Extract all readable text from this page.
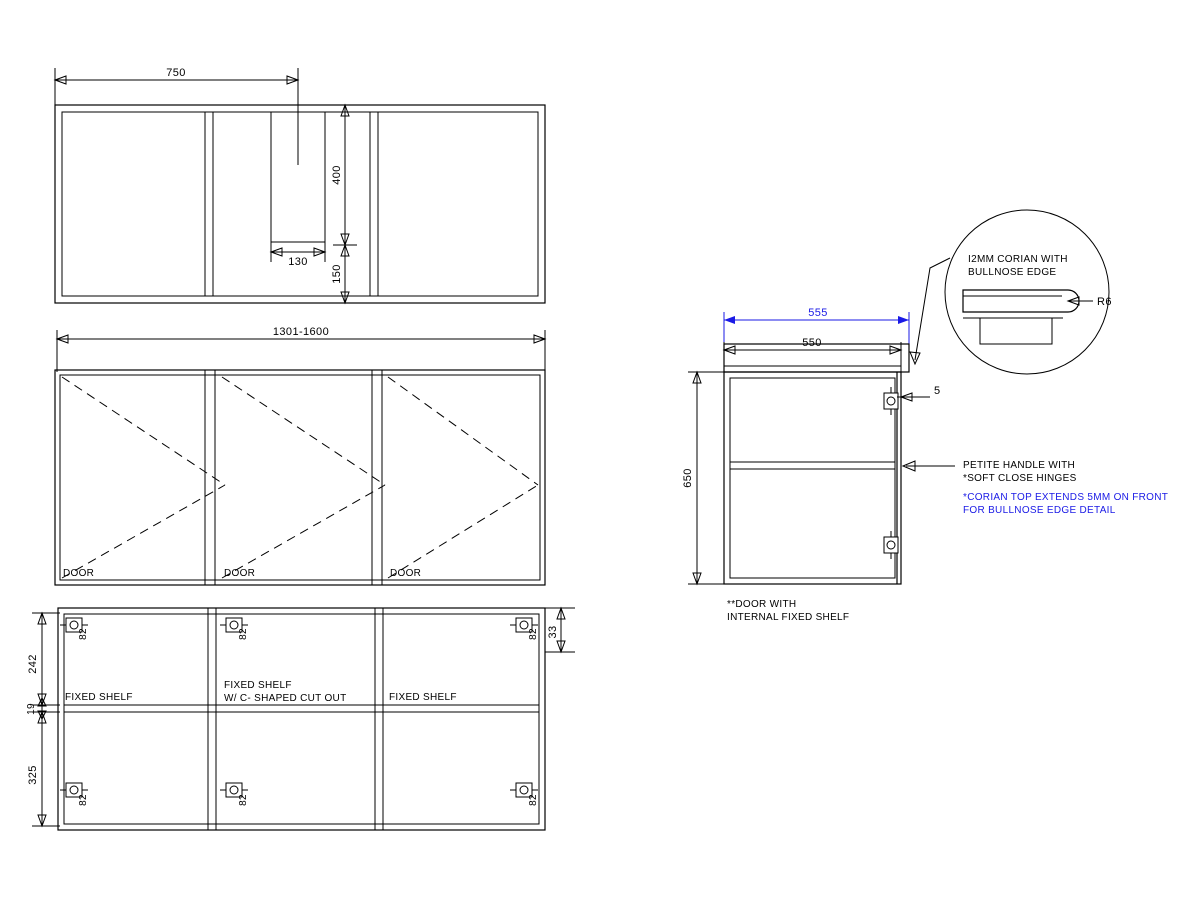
750
400
150
130
1301-1600
DOOR	DOOR	DOOR
82	82	82
82	82	82
FIXED SHELF
FIXED SHELF
W/ C- SHAPED CUT OUT	FIXED SHELF
242
19
325
33
555
550
650
5
PETITE HANDLE WITH
*SOFT CLOSE HINGES
*CORIAN TOP EXTENDS 5MM ON FRONT
FOR BULLNOSE EDGE DETAIL
**DOOR WITH
INTERNAL FIXED SHELF
R6
I2MM CORIAN WITH
BULLNOSE EDGE
